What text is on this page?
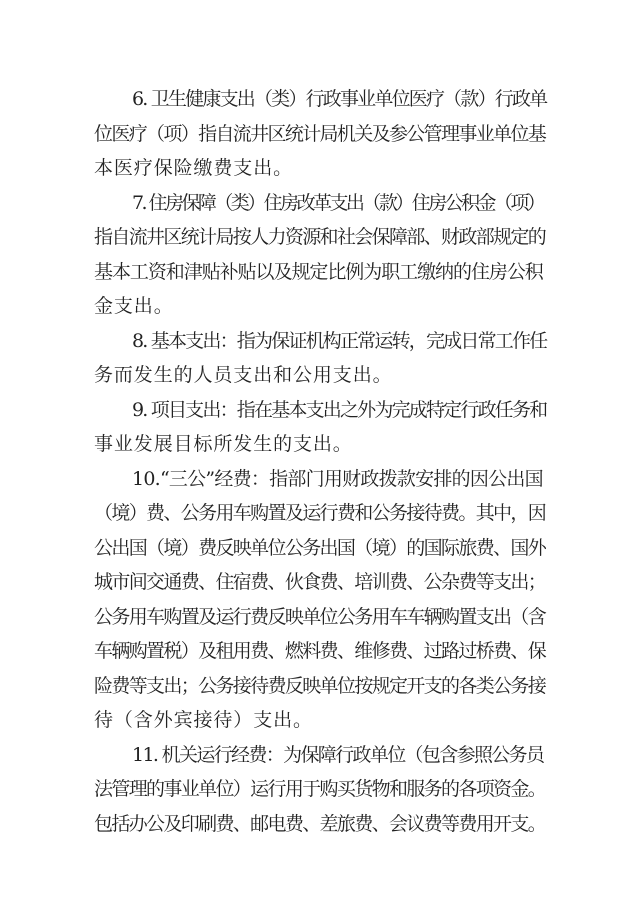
6. 卫生健康支出（类）行政事业单位医疗（款）行政单
位医疗（项）指自流井区统计局机关及参公管理事业单位基
本医疗保险缴费支出。
7. 住房保障（类）住房改革支出（款）住房公积金（项）
指自流井区统计局按人力资源和社会保障部、财政部规定的
基本工资和津贴补贴以及规定比例为职工缴纳的住房公积
金支出。
8. 基本支出：指为保证机构正常运转，完成日常工作任
务而发生的人员支出和公用支出。
9. 项目支出：指在基本支出之外为完成特定行政任务和
事业发展目标所发生的支出。
10.“三公”经费：指部门用财政拨款安排的因公出国
（境）费、公务用车购置及运行费和公务接待费。其中，因
公出国（境）费反映单位公务出国（境）的国际旅费、国外
城市间交通费、住宿费、伙食费、培训费、公杂费等支出；
公务用车购置及运行费反映单位公务用车车辆购置支出（含
车辆购置税）及租用费、燃料费、维修费、过路过桥费、保
险费等支出；公务接待费反映单位按规定开支的各类公务接
待（含外宾接待）支出。
11. 机关运行经费：为保障行政单位（包含参照公务员
法管理的事业单位）运行用于购买货物和服务的各项资金。
包括办公及印刷费、邮电费、差旅费、会议费等费用开支。
